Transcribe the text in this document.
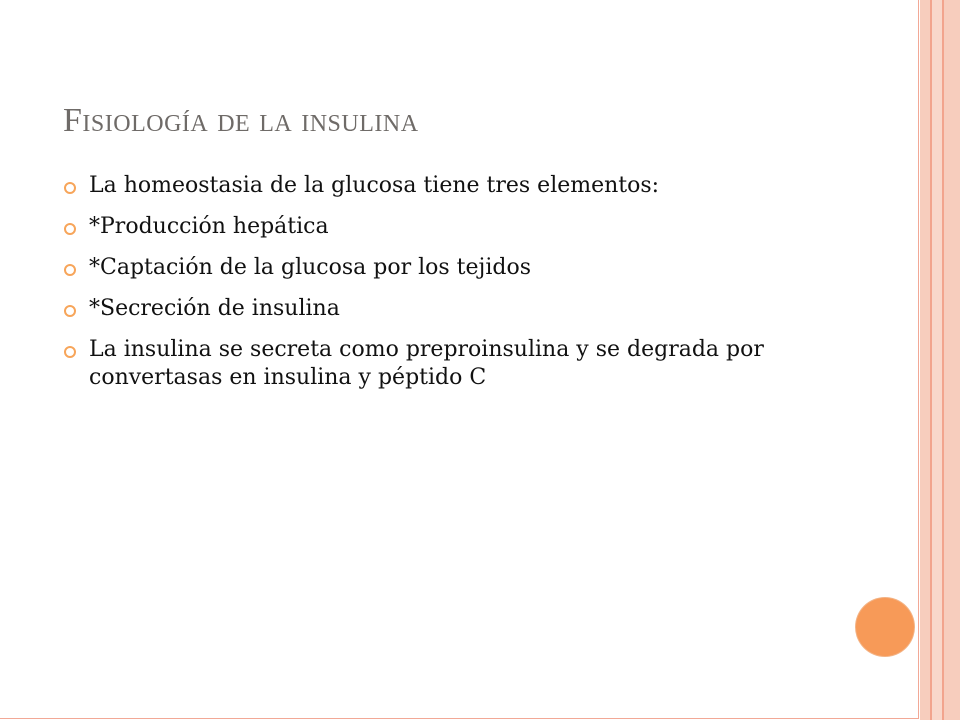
Fisiología de la insulina
La homeostasia de la glucosa tiene tres elementos:
*Producción hepática
*Captación de la glucosa por los tejidos
*Secreción de insulina
La insulina se secreta como preproinsulina y se degrada por convertasas en insulina y péptido C
